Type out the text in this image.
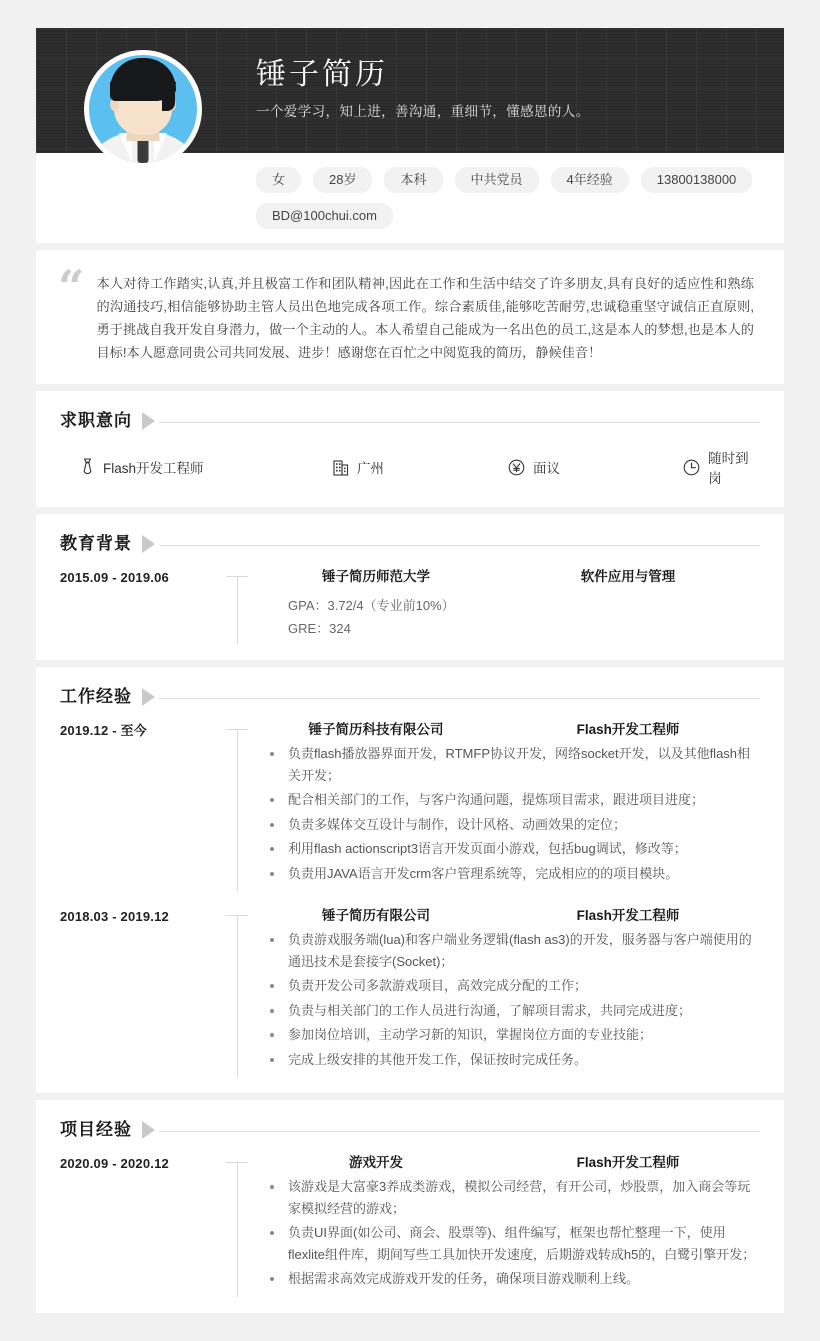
锤子简历
一个爱学习，知上进，善沟通，重细节，懂感恩的人。
女	28岁	本科	中共党员	4年经验	13800138000
BD@100chui.com
“ 本人对待工作踏实,认真,并且极富工作和团队精神,因此在工作和生活中结交了许多朋友,具有良好的适应性和熟练的沟通技巧,相信能够协助主管人员出色地完成各项工作。综合素质佳,能够吃苦耐劳,忠诚稳重坚守诚信正直原则,勇于挑战自我开发自身潜力，做一个主动的人。本人希望自己能成为一名出色的员工,这是本人的梦想,也是本人的目标!本人愿意同贵公司共同发展、进步！感谢您在百忙之中阅览我的简历，静候佳音！
求职意向
Flash开发工程师	广州	面议
随时到岗
教育背景
2015.09 - 2019.06	锤子简历师范大学	软件应用与管理
GPA：3.72/4（专业前10%）
GRE：324
工作经验
2019.12 - 至今	锤子简历科技有限公司	Flash开发工程师
负责flash播放器界面开发，RTMFP协议开发，网络socket开发，以及其他flash相关开发；
配合相关部门的工作，与客户沟通问题，提炼项目需求，跟进项目进度；
负责多媒体交互设计与制作，设计风格、动画效果的定位；
利用flash actionscript3语言开发页面小游戏，包括bug调试，修改等；
负责用JAVA语言开发crm客户管理系统等，完成相应的的项目模块。
2018.03 - 2019.12	锤子简历有限公司	Flash开发工程师
负责游戏服务端(lua)和客户端业务逻辑(flash as3)的开发，服务器与客户端使用的通迅技术是套接字(Socket)；
负责开发公司多款游戏项目，高效完成分配的工作；
负责与相关部门的工作人员进行沟通，了解项目需求，共同完成进度；
参加岗位培训，主动学习新的知识，掌握岗位方面的专业技能；
完成上级安排的其他开发工作，保证按时完成任务。
项目经验
2020.09 - 2020.12	游戏开发	Flash开发工程师
该游戏是大富豪3养成类游戏，模拟公司经营，有开公司，炒股票，加入商会等玩家模拟经营的游戏；
负责UI界面(如公司、商会、股票等)、组件编写，框架也帮忙整理一下，使用flexlite组件库，期间写些工具加快开发速度，后期游戏转成h5的，白鹭引擎开发；
根据需求高效完成游戏开发的任务，确保项目游戏顺利上线。
